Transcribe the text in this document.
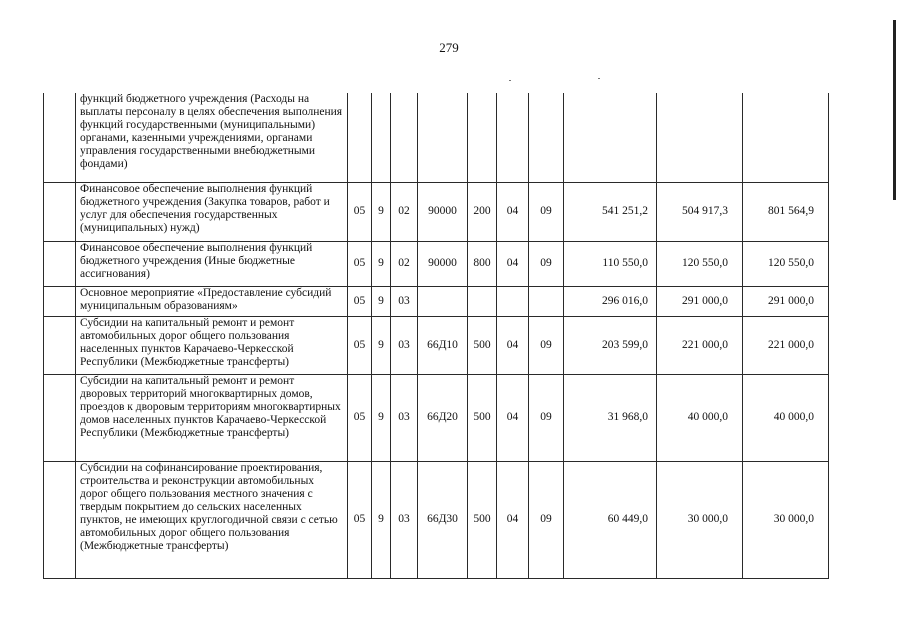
279
	функций бюджетного учреждения (Расходы на выплаты персоналу в целях обеспечения выполнения функций государственными (муниципальными) органами, казенными учреждениями, органами управления государственными внебюджетными фондами)										
	Финансовое обеспечение выполнения функций бюджетного учреждения (Закупка товаров, работ и услуг для обеспечения государственных (муниципальных) нужд)	05	9	02	90000	200	04	09	541 251,2	504 917,3	801 564,9
	Финансовое обеспечение выполнения функций бюджетного учреждения (Иные бюджетные ассигнования)	05	9	02	90000	800	04	09	110 550,0	120 550,0	120 550,0
	Основное мероприятие «Предоставление субсидий муниципальным образованиям»	05	9	03					296 016,0	291 000,0	291 000,0
	Субсидии на капитальный ремонт и ремонт автомобильных дорог общего пользования населенных пунктов Карачаево-Черкесской Республики (Межбюджетные трансферты)	05	9	03	66Д10	500	04	09	203 599,0	221 000,0	221 000,0
	Субсидии на капитальный ремонт и ремонт дворовых территорий многоквартирных домов, проездов к дворовым территориям многоквартирных домов населенных пунктов Карачаево-Черкесской Республики (Межбюджетные трансферты)	05	9	03	66Д20	500	04	09	31 968,0	40 000,0	40 000,0
	Субсидии на софинансирование проектирования, строительства и реконструкции автомобильных дорог общего пользования местного значения с твердым покрытием до сельских населенных пунктов, не имеющих круглогодичной связи с сетью автомобильных дорог общего пользования (Межбюджетные трансферты)	05	9	03	66Д30	500	04	09	60 449,0	30 000,0	30 000,0
